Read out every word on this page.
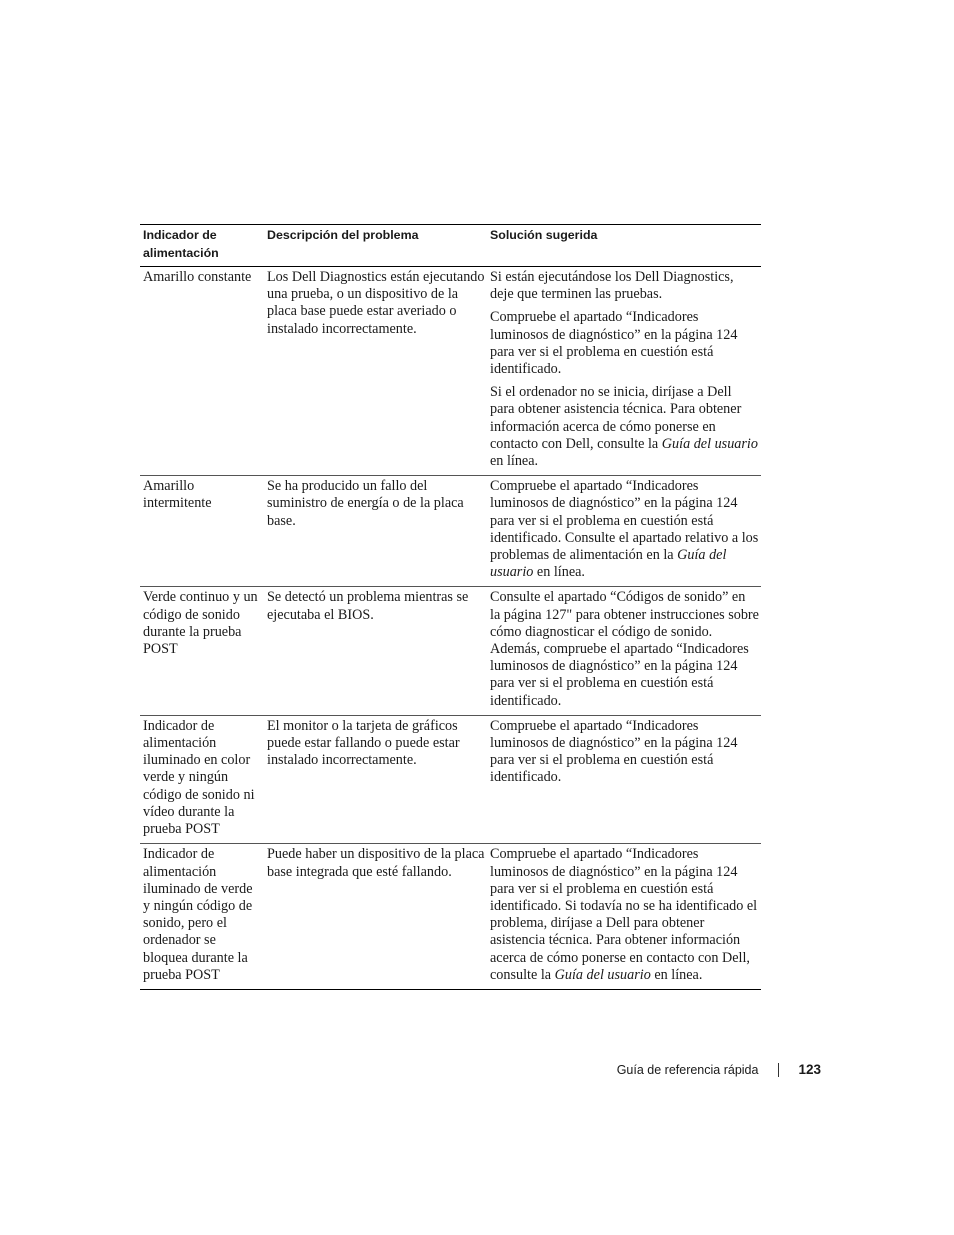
Indicador de alimentación	Descripción del problema	Solución sugerida
Amarillo constante	Los Dell Diagnostics están ejecutando una prueba, o un dispositivo de la placa base puede estar averiado o instalado incorrectamente.	Si están ejecutándose los Dell Diagnostics, deje que terminen las pruebas.

Compruebe el apartado “Indicadores luminosos de diagnóstico” en la página 124 para ver si el problema en cuestión está identificado.

Si el ordenador no se inicia, diríjase a Dell para obtener asistencia técnica. Para obtener información acerca de cómo ponerse en contacto con Dell, consulte la Guía del usuario en línea.

Amarillo intermitente	Se ha producido un fallo del suministro de energía o de la placa base.	Compruebe el apartado “Indicadores luminosos de diagnóstico” en la página 124 para ver si el problema en cuestión está identificado. Consulte el apartado relativo a los problemas de alimentación en la Guía del usuario en línea.

Verde continuo y un código de sonido durante la prueba POST	Se detectó un problema mientras se ejecutaba el BIOS.	Consulte el apartado “Códigos de sonido” en la página 127" para obtener instrucciones sobre cómo diagnosticar el código de sonido. Además, compruebe el apartado “Indicadores luminosos de diagnóstico” en la página 124 para ver si el problema en cuestión está identificado.

Indicador de alimentación iluminado en color verde y ningún código de sonido ni vídeo durante la prueba POST	El monitor o la tarjeta de gráficos puede estar fallando o puede estar instalado incorrectamente.	Compruebe el apartado “Indicadores luminosos de diagnóstico” en la página 124 para ver si el problema en cuestión está identificado.

Indicador de alimentación iluminado de verde y ningún código de sonido, pero el ordenador se bloquea durante la prueba POST	Puede haber un dispositivo de la placa base integrada que esté fallando.	Compruebe el apartado “Indicadores luminosos de diagnóstico” en la página 124 para ver si el problema en cuestión está identificado. Si todavía no se ha identificado el problema, diríjase a Dell para obtener asistencia técnica. Para obtener información acerca de cómo ponerse en contacto con Dell, consulte la Guía del usuario en línea.

Guía de referencia rápida	123
